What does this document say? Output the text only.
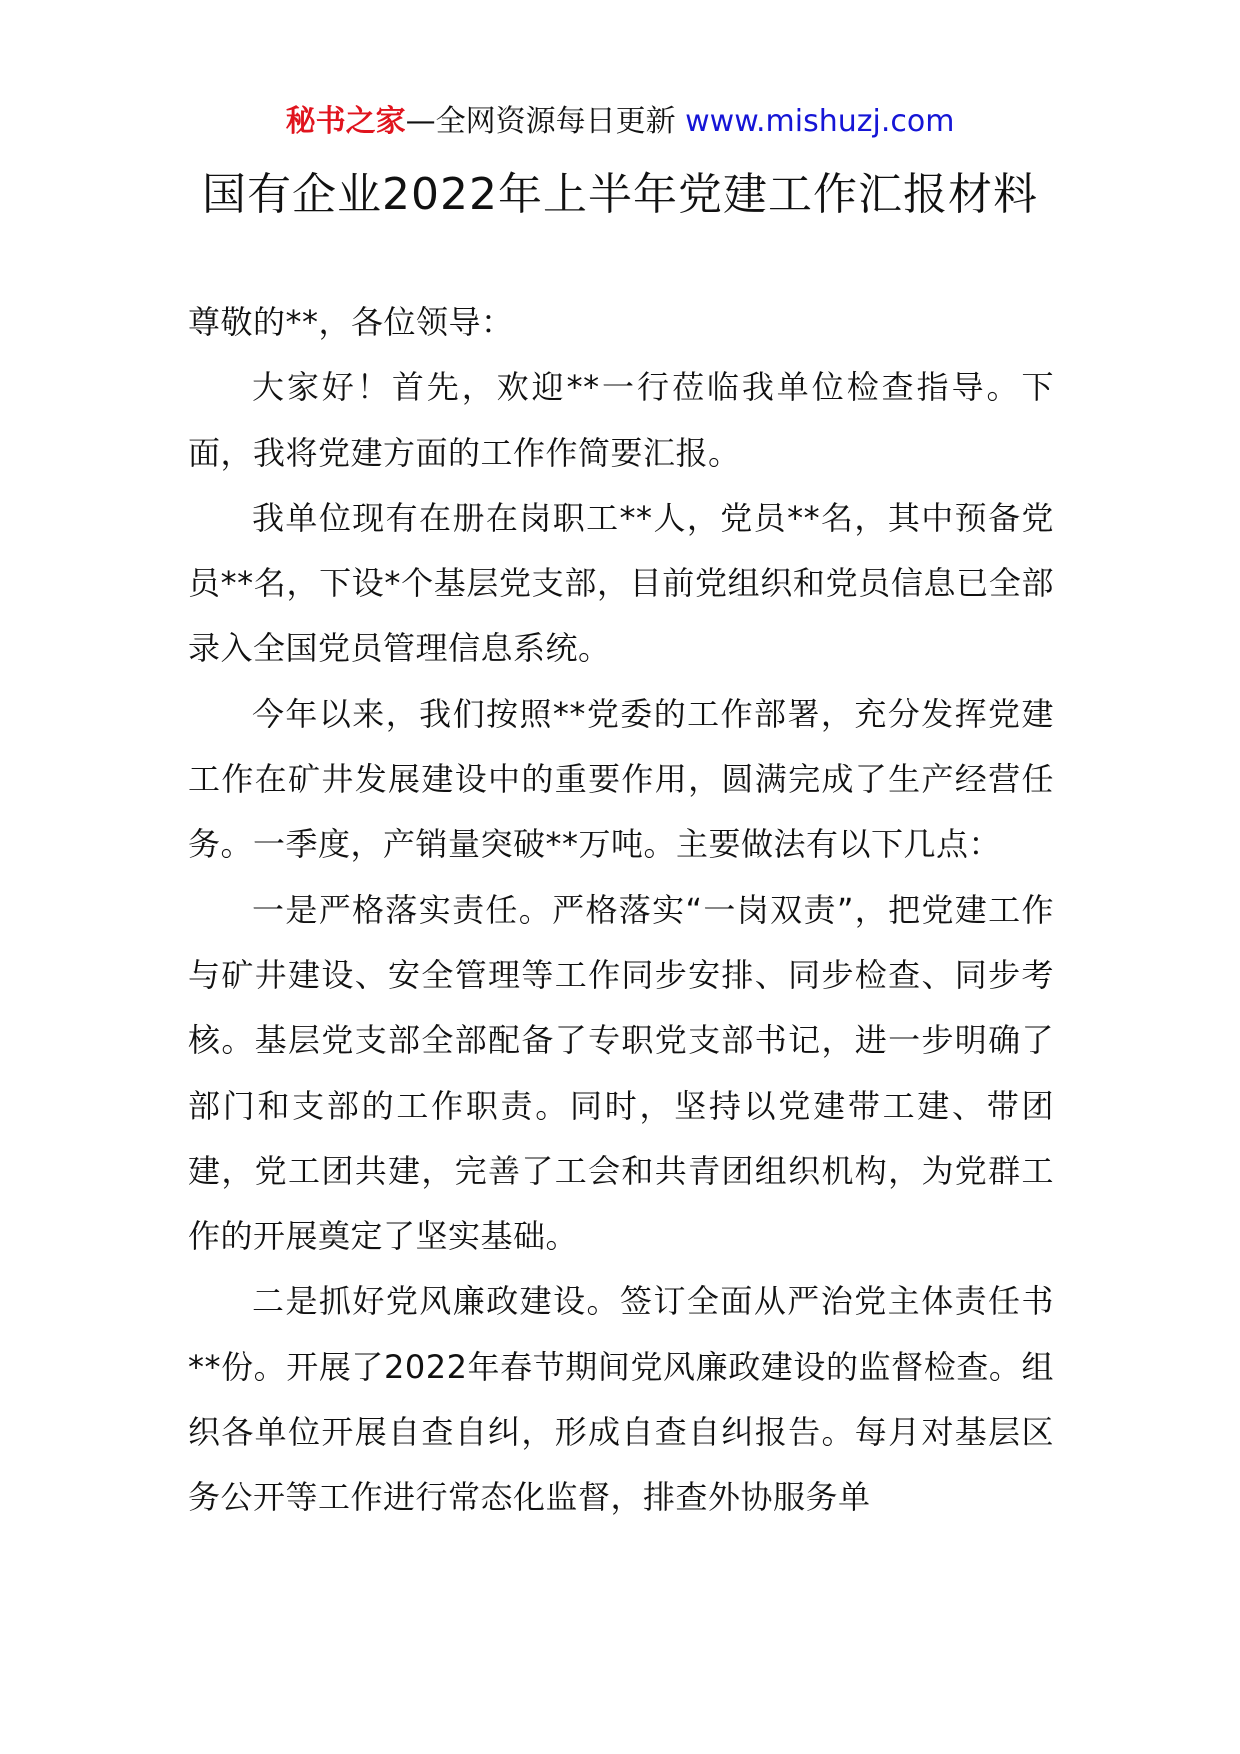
秘书之家—全网资源每日更新 www.mishuzj.com
国有企业2022年上半年党建工作汇报材料

尊敬的**，各位领导：

大家好！首先，欢迎**一行莅临我单位检查指导。下面，我将党建方面的工作作简要汇报。

我单位现有在册在岗职工**人，党员**名，其中预备党员**名，下设*个基层党支部，目前党组织和党员信息已全部录入全国党员管理信息系统。

今年以来，我们按照**党委的工作部署，充分发挥党建工作在矿井发展建设中的重要作用，圆满完成了生产经营任务。一季度，产销量突破**万吨。主要做法有以下几点：

一是严格落实责任。严格落实“一岗双责”，把党建工作与矿井建设、安全管理等工作同步安排、同步检查、同步考核。基层党支部全部配备了专职党支部书记，进一步明确了部门和支部的工作职责。同时，坚持以党建带工建、带团建，党工团共建，完善了工会和共青团组织机构，为党群工作的开展奠定了坚实基础。

二是抓好党风廉政建设。签订全面从严治党主体责任书**份。开展了2022年春节期间党风廉政建设的监督检查。组织各单位开展自查自纠，形成自查自纠报告。每月对基层区务公开等工作进行常态化监督，排查外协服务单
